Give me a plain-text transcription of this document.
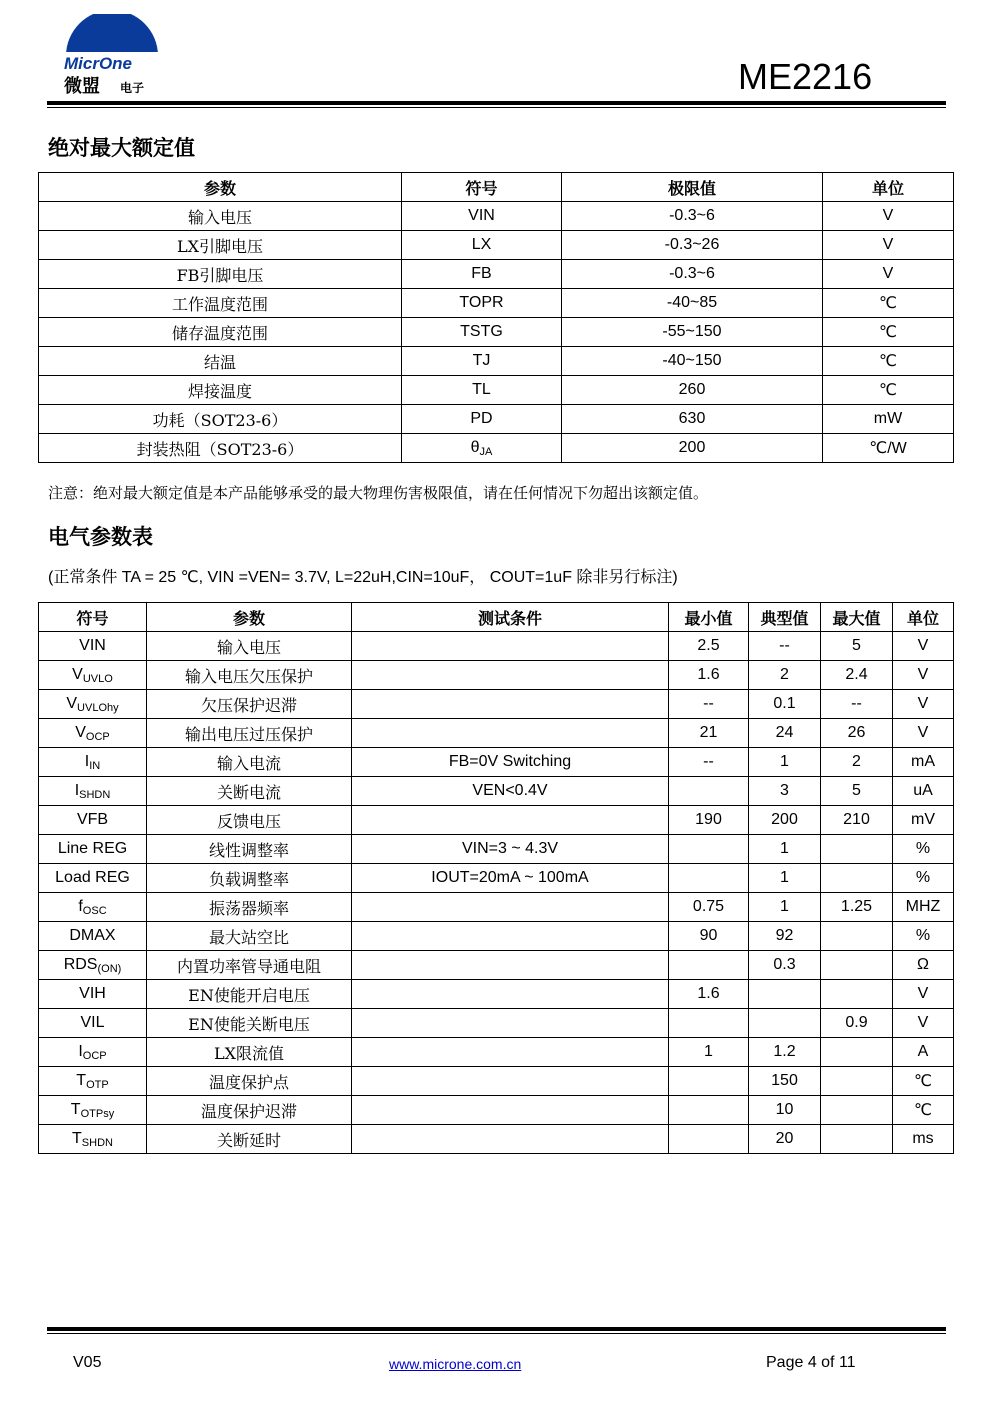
MicrOne
微盟 电子	ME2216
绝对最大额定值
参数	符号	极限值	单位
输入电压	VIN	-0.3~6	V
LX引脚电压	LX	-0.3~26	V
FB引脚电压	FB	-0.3~6	V
工作温度范围	TOPR	-40~85	℃
储存温度范围	TSTG	-55~150	℃
结温	TJ	-40~150	℃
焊接温度	TL	260	℃
功耗（SOT23-6）	PD	630	mW
封装热阻（SOT23-6）	$\theta_{JA}$	200	℃/W
注意：绝对最大额定值是本产品能够承受的最大物理伤害极限值，请在任何情况下勿超出该额定值。
电气参数表
(正常条件 TA = 25 ℃, VIN =VEN= 3.7V, L=22uH,CIN=10uF， COUT=1uF 除非另行标注)
符号	参数	测试条件	最小值	典型值	最大值	单位
VIN	输入电压		2.5	--	5	V
$V_{UVLO}$	输入电压欠压保护		1.6	2	2.4	V
$V_{UVLOhy}$	欠压保护迟滞		--	0.1	--	V
$V_{OCP}$	输出电压过压保护		21	24	26	V
$I_{IN}$	输入电流	FB=0V Switching	--	1	2	mA
$I_{SHDN}$	关断电流	VEN<0.4V		3	5	uA
VFB	反馈电压		190	200	210	mV
Line REG	线性调整率	VIN=3 ~ 4.3V		1		%
Load REG	负载调整率	IOUT=20mA ~ 100mA		1		%
$f_{OSC}$	振荡器频率		0.75	1	1.25	MHZ
DMAX	最大站空比		90	92		%
$RDS_{(ON)}$	内置功率管导通电阻			0.3		Ω
VIH	EN使能开启电压		1.6			V
VIL	EN使能关断电压				0.9	V
$I_{OCP}$	LX限流值		1	1.2		A
$T_{OTP}$	温度保护点			150		℃
$T_{OTPsy}$	温度保护迟滞			10		℃
$T_{SHDN}$	关断延时			20		ms
V05	www.microne.com.cn	Page 4 of 11
